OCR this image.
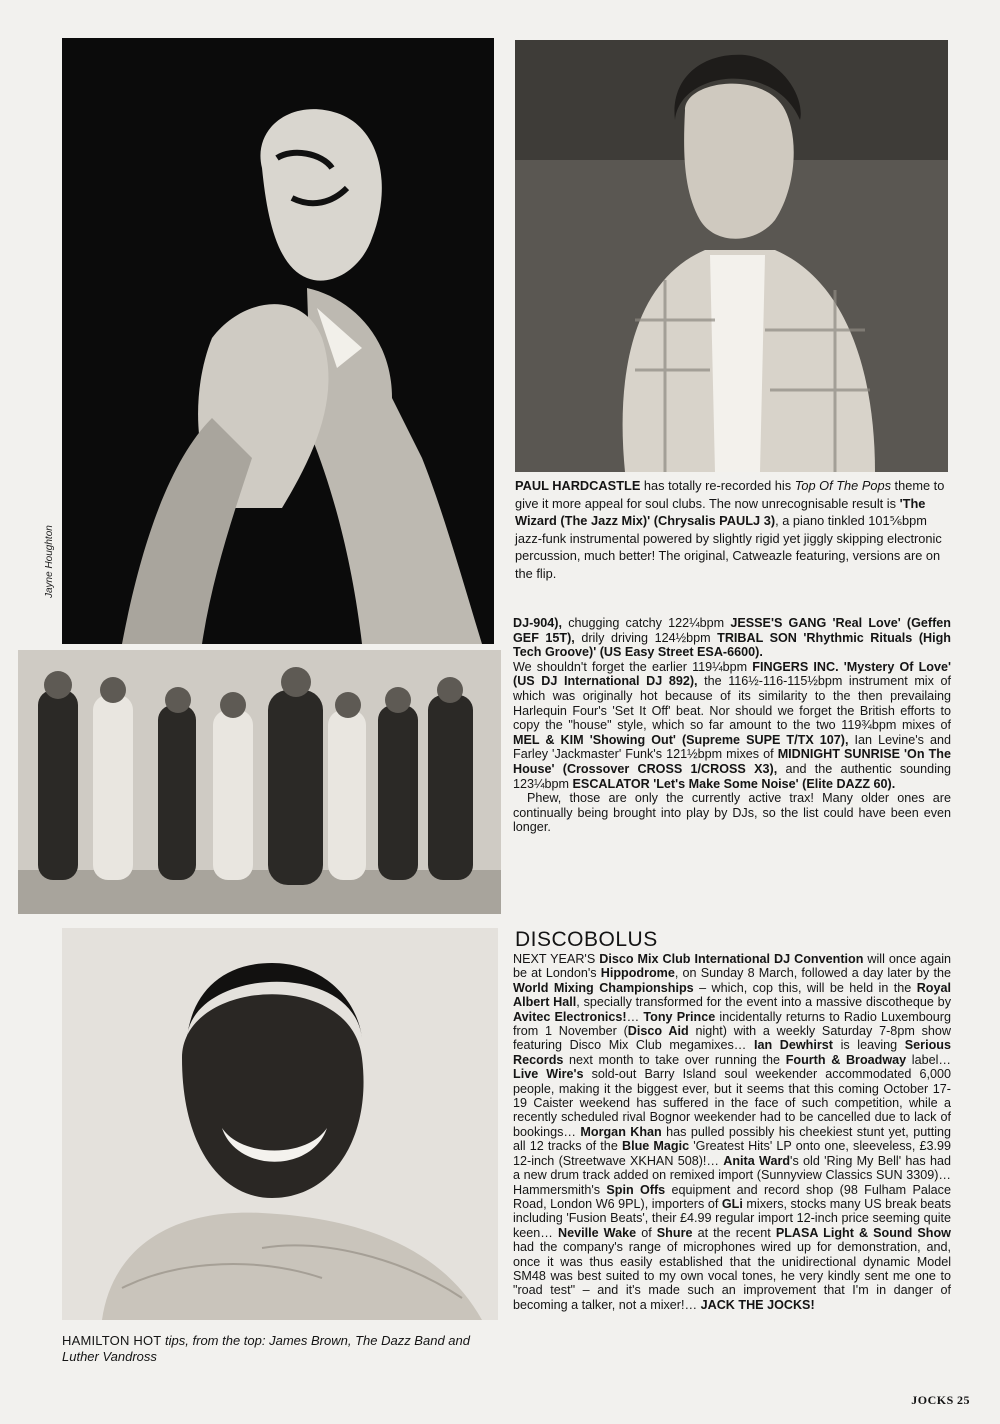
Jayne Houghton

PAUL HARDCASTLE has totally re-recorded his Top Of The Pops theme to give it more appeal for soul clubs. The now unrecognisable result is 'The Wizard (The Jazz Mix)' (Chrysalis PAULJ 3), a piano tinkled 101⅚bpm jazz-funk instrumental powered by slightly rigid yet jiggly skipping electronic percussion, much better! The original, Catweazle featuring, versions are on the flip.

DJ-904), chugging catchy 122¼bpm JESSE'S GANG 'Real Love' (Geffen GEF 15T), drily driving 124½bpm TRIBAL SON 'Rhythmic Rituals (High Tech Groove)' (US Easy Street ESA-6600).

We shouldn't forget the earlier 119¼bpm FINGERS INC. 'Mystery Of Love' (US DJ International DJ 892), the 116½-116-115½bpm instrument mix of which was originally hot because of its similarity to the then prevailaing Harlequin Four's 'Set It Off' beat. Nor should we forget the British efforts to copy the "house" style, which so far amount to the two 119¾bpm mixes of MEL & KIM 'Showing Out' (Supreme SUPE T/TX 107), Ian Levine's and Farley 'Jackmaster' Funk's 121½bpm mixes of MIDNIGHT SUNRISE 'On The House' (Crossover CROSS 1/CROSS X3), and the authentic sounding 123¼bpm ESCALATOR 'Let's Make Some Noise' (Elite DAZZ 60).

Phew, those are only the currently active trax! Many older ones are continually being brought into play by DJs, so the list could have been even longer.

DISCOBOLUS

NEXT YEAR'S Disco Mix Club International DJ Convention will once again be at London's Hippodrome, on Sunday 8 March, followed a day later by the World Mixing Championships – which, cop this, will be held in the Royal Albert Hall, specially transformed for the event into a massive discotheque by Avitec Electronics!… Tony Prince incidentally returns to Radio Luxembourg from 1 November (Disco Aid night) with a weekly Saturday 7-8pm show featuring Disco Mix Club megamixes… Ian Dewhirst is leaving Serious Records next month to take over running the Fourth & Broadway label… Live Wire's sold-out Barry Island soul weekender accommodated 6,000 people, making it the biggest ever, but it seems that this coming October 17-19 Caister weekend has suffered in the face of such competition, while a recently scheduled rival Bognor weekender had to be cancelled due to lack of bookings… Morgan Khan has pulled possibly his cheekiest stunt yet, putting all 12 tracks of the Blue Magic 'Greatest Hits' LP onto one, sleeveless, £3.99 12-inch (Streetwave XKHAN 508)!… Anita Ward's old 'Ring My Bell' has had a new drum track added on remixed import (Sunnyview Classics SUN 3309)… Hammersmith's Spin Offs equipment and record shop (98 Fulham Palace Road, London W6 9PL), importers of GLi mixers, stocks many US break beats including 'Fusion Beats', their £4.99 regular import 12-inch price seeming quite keen… Neville Wake of Shure at the recent PLASA Light & Sound Show had the company's range of microphones wired up for demonstration, and, once it was thus easily established that the unidirectional dynamic Model SM48 was best suited to my own vocal tones, he very kindly sent me one to "road test" – and it's made such an improvement that I'm in danger of becoming a talker, not a mixer!… JACK THE JOCKS!

HAMILTON HOT tips, from the top: James Brown, The Dazz Band and Luther Vandross
JOCKS 25
